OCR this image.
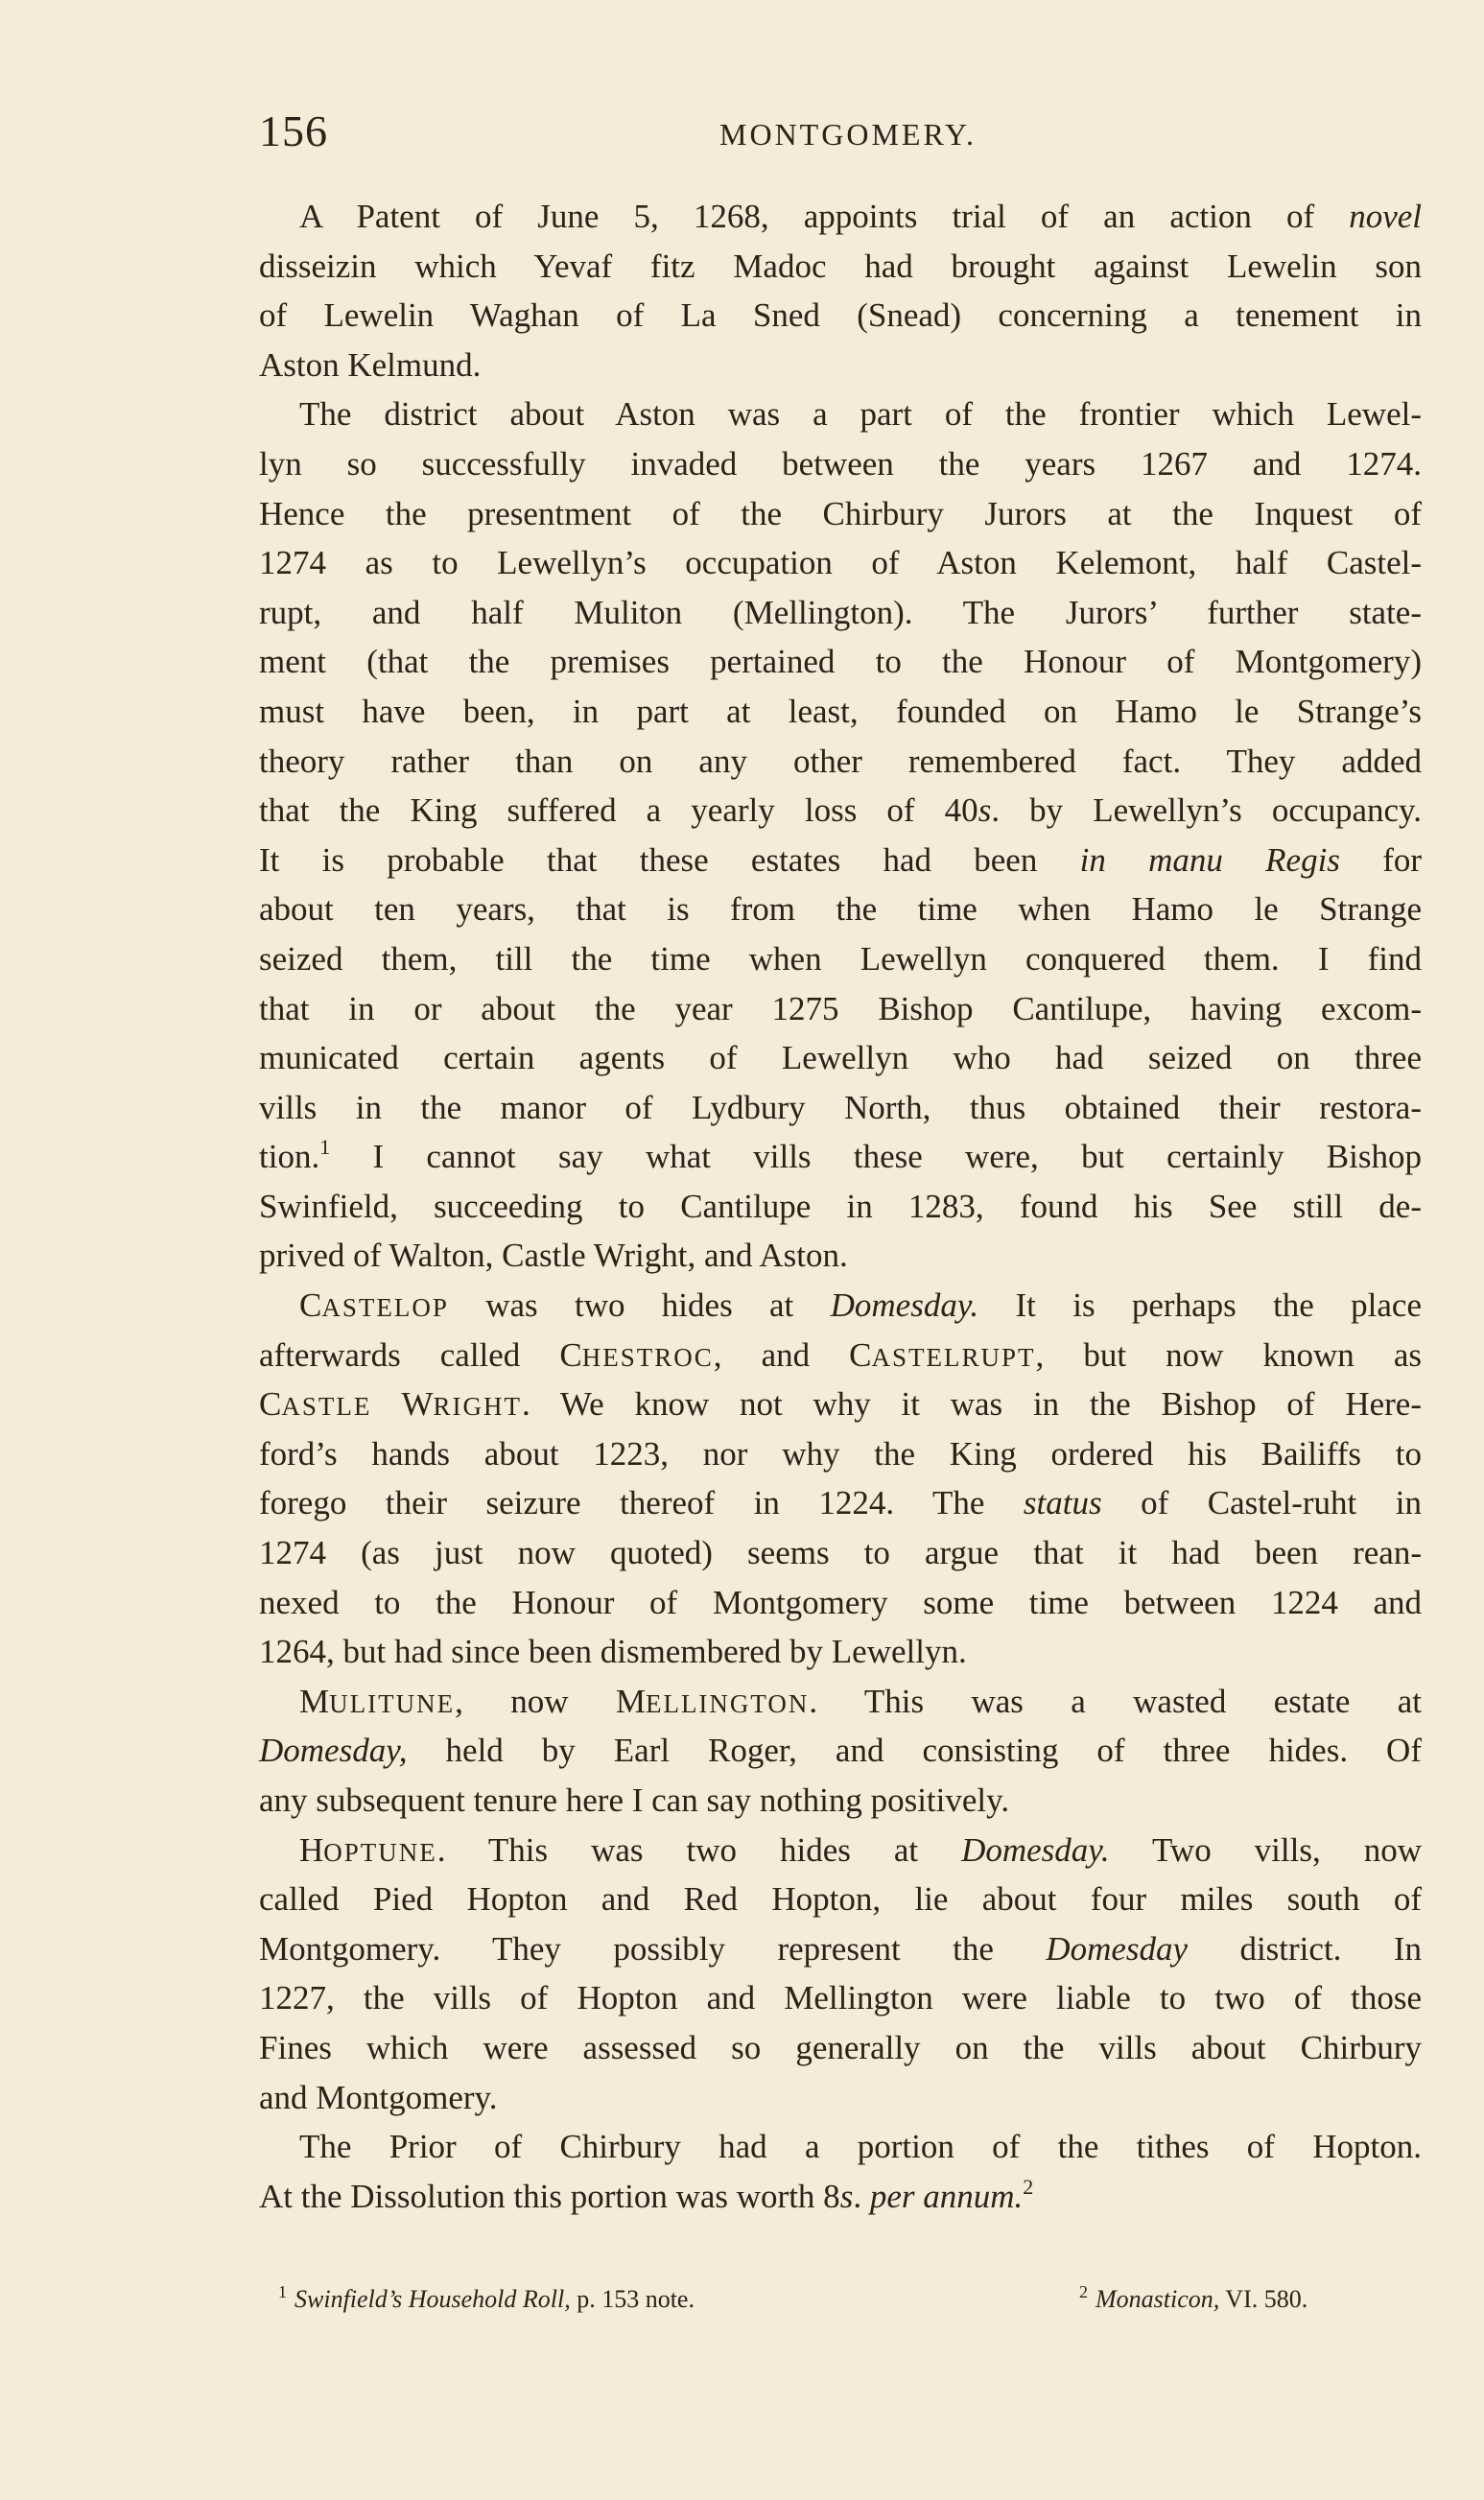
156	MONTGOMERY.
A Patent of June 5, 1268, appoints trial of an action of novel
disseizin which Yevaf fitz Madoc had brought against Lewelin son
of Lewelin Waghan of La Sned (Snead) concerning a tenement in
Aston Kelmund.
The district about Aston was a part of the frontier which Lewel-
lyn so successfully invaded between the years 1267 and 1274.
Hence the presentment of the Chirbury Jurors at the Inquest of
1274 as to Lewellyn’s occupation of Aston Kelemont, half Castel-
rupt, and half Muliton (Mellington). The Jurors’ further state-
ment (that the premises pertained to the Honour of Montgomery)
must have been, in part at least, founded on Hamo le Strange’s
theory rather than on any other remembered fact. They added
that the King suffered a yearly loss of 40s. by Lewellyn’s occupancy.
It is probable that these estates had been in manu Regis for
about ten years, that is from the time when Hamo le Strange
seized them, till the time when Lewellyn conquered them. I find
that in or about the year 1275 Bishop Cantilupe, having excom-
municated certain agents of Lewellyn who had seized on three
vills in the manor of Lydbury North, thus obtained their restora-
tion.$^1$ I cannot say what vills these were, but certainly Bishop
Swinfield, succeeding to Cantilupe in 1283, found his See still de-
prived of Walton, Castle Wright, and Aston.
CASTELOP was two hides at Domesday. It is perhaps the place
afterwards called CHESTROC, and CASTELRUPT, but now known as
CASTLE WRIGHT. We know not why it was in the Bishop of Here-
ford’s hands about 1223, nor why the King ordered his Bailiffs to
forego their seizure thereof in 1224. The status of Castel-ruht in
1274 (as just now quoted) seems to argue that it had been rean-
nexed to the Honour of Montgomery some time between 1224 and
1264, but had since been dismembered by Lewellyn.
MULITUNE, now MELLINGTON. This was a wasted estate at
Domesday, held by Earl Roger, and consisting of three hides. Of
any subsequent tenure here I can say nothing positively.
HOPTUNE. This was two hides at Domesday. Two vills, now
called Pied Hopton and Red Hopton, lie about four miles south of
Montgomery. They possibly represent the Domesday district. In
1227, the vills of Hopton and Mellington were liable to two of those
Fines which were assessed so generally on the vills about Chirbury
and Montgomery.
The Prior of Chirbury had a portion of the tithes of Hopton.
At the Dissolution this portion was worth 8s. per annum.$^2$
$^1$ Swinfield’s Household Roll, p. 153 note.	$^2$ Monasticon, VI. 580.
